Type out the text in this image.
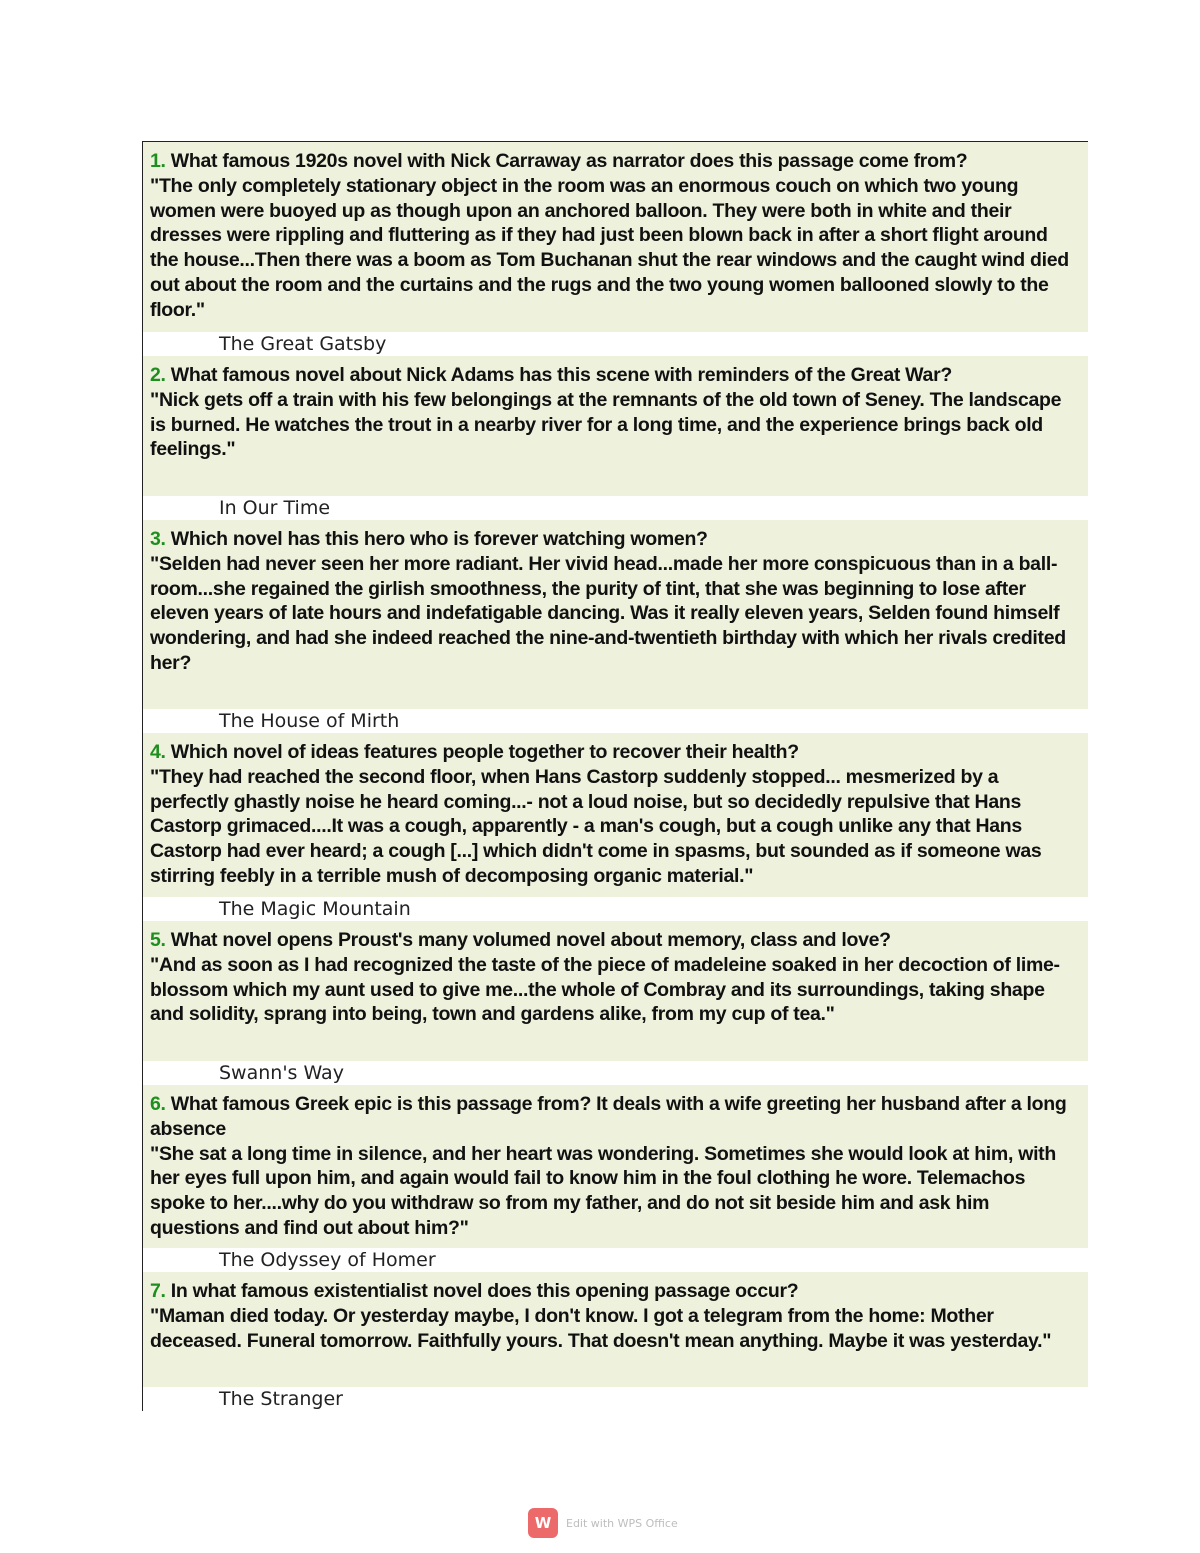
1. What famous 1920s novel with Nick Carraway as narrator does this passage come from?
"The only completely stationary object in the room was an enormous couch on which two young women were buoyed up as though upon an anchored balloon. They were both in white and their dresses were rippling and fluttering as if they had just been blown back in after a short flight around the house...Then there was a boom as Tom Buchanan shut the rear windows and the caught wind died out about the room and the curtains and the rugs and the two young women ballooned slowly to the floor."
The Great Gatsby
2. What famous novel about Nick Adams has this scene with reminders of the Great War?
"Nick gets off a train with his few belongings at the remnants of the old town of Seney. The landscape is burned. He watches the trout in a nearby river for a long time, and the experience brings back old feelings."
In Our Time
3. Which novel has this hero who is forever watching women?
"Selden had never seen her more radiant. Her vivid head...made her more conspicuous than in a ball-room...she regained the girlish smoothness, the purity of tint, that she was beginning to lose after eleven years of late hours and indefatigable dancing. Was it really eleven years, Selden found himself wondering, and had she indeed reached the nine-and-twentieth birthday with which her rivals credited her?
The House of Mirth
4. Which novel of ideas features people together to recover their health?
"They had reached the second floor, when Hans Castorp suddenly stopped... mesmerized by a perfectly ghastly noise he heard coming...- not a loud noise, but so decidedly repulsive that Hans Castorp grimaced....It was a cough, apparently - a man's cough, but a cough unlike any that Hans Castorp had ever heard; a cough [...] which didn't come in spasms, but sounded as if someone was stirring feebly in a terrible mush of decomposing organic material."
The Magic Mountain
5. What novel opens Proust's many volumed novel about memory, class and love?
"And as soon as I had recognized the taste of the piece of madeleine soaked in her decoction of lime-blossom which my aunt used to give me...the whole of Combray and its surroundings, taking shape and solidity, sprang into being, town and gardens alike, from my cup of tea."
Swann's Way
6. What famous Greek epic is this passage from? It deals with a wife greeting her husband after a long absence
"She sat a long time in silence, and her heart was wondering. Sometimes she would look at him, with her eyes full upon him, and again would fail to know him in the foul clothing he wore. Telemachos spoke to her....why do you withdraw so from my father, and do not sit beside him and ask him questions and find out about him?"
The Odyssey of Homer
7. In what famous existentialist novel does this opening passage occur?
"Maman died today. Or yesterday maybe, I don't know. I got a telegram from the home: Mother deceased. Funeral tomorrow. Faithfully yours. That doesn't mean anything. Maybe it was yesterday."
The Stranger
W	Edit with WPS Office
